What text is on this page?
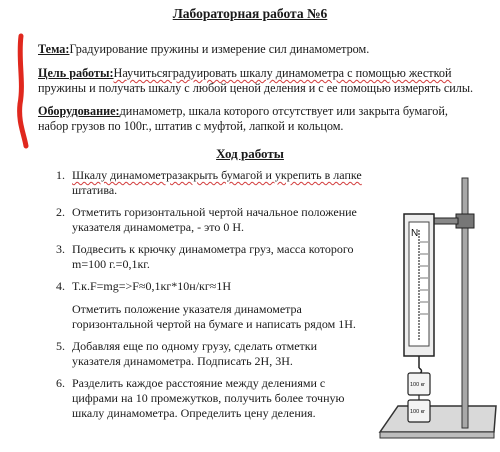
Лабораторная работа №6
Тема:Градуирование пружины и измерение сил динамометром.
Цель работы:Научитьсяградуировать шкалу динамометра с помощью жесткой
пружины и получать шкалу с любой ценой деления и с ее помощью измерять силы.
Оборудование:динамометр, шкала которого отсутствует или закрыта бумагой,
набор грузов по 100г., штатив с муфтой, лапкой и кольцом.
Ход работы
1. Шкалу динамометразакрыть бумагой и укрепить в лапке
штатива.
2. Отметить горизонтальной чертой начальное положение
указателя динамометра, - это 0 Н.
3. Подвесить к крючку динамометра груз, масса которого
m=100 г.=0,1кг.
4. Т.к.F=mg=>F≈0,1кг*10н/кг≈1Н
Отметить положение указателя динамометра
горизонтальной чертой на бумаге и написать рядом 1Н.
5. Добавляя еще по одному грузу, сделать отметки
указателя динамометра. Подписать 2Н, 3Н.
6. Разделить каждое расстояние между делениями с
цифрами на 10 промежутков, получить более точную
шкалу динамометра. Определить цену деления.
N
100 кг
100 кг
